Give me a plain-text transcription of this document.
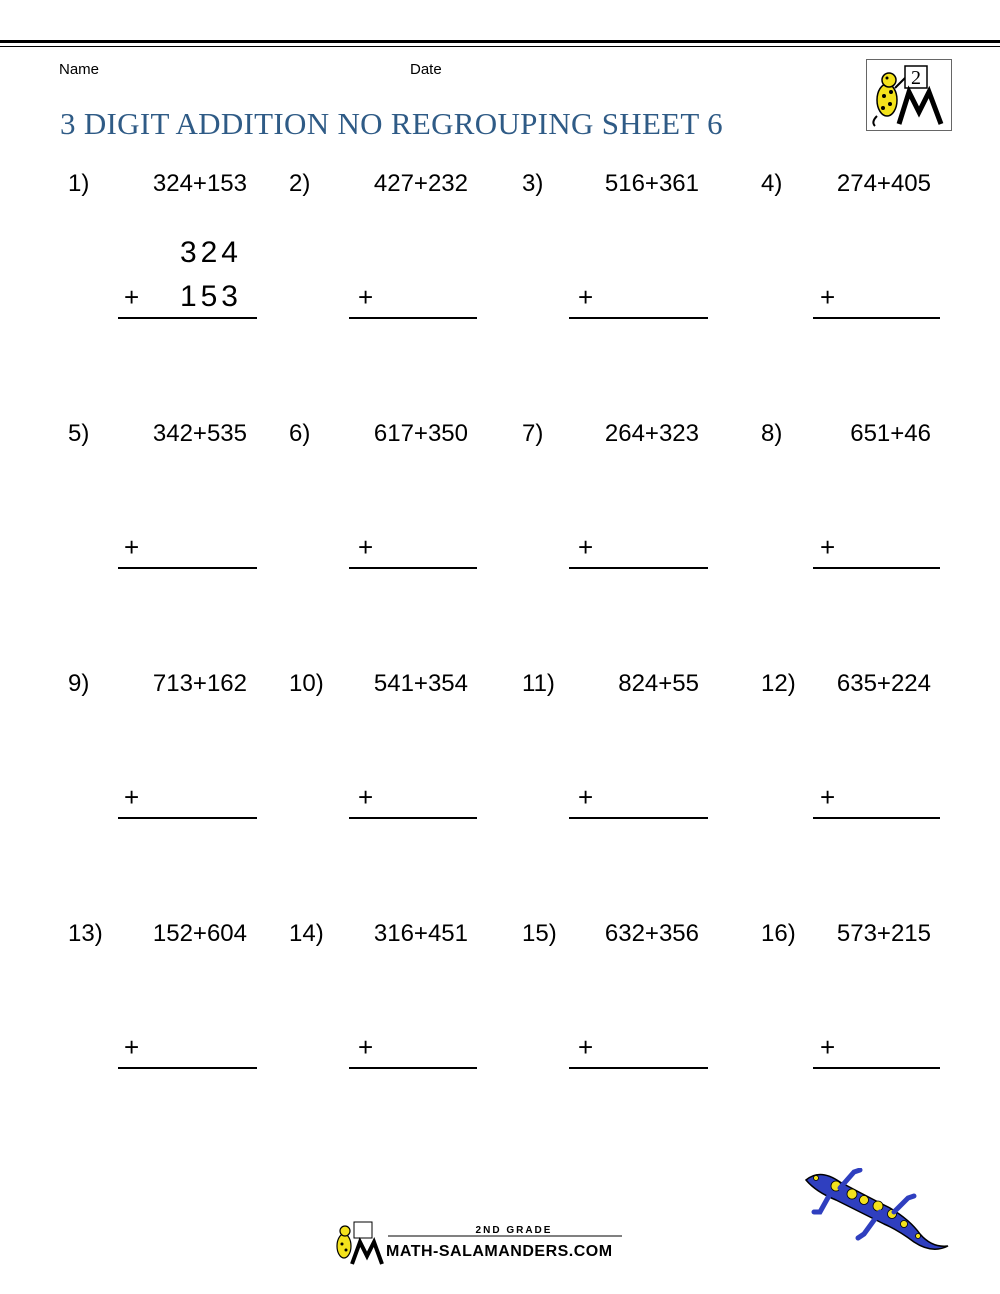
Name	Date
3 DIGIT ADDITION NO REGROUPING SHEET 6
2
1)	324+153
324
+ 153
2)	427+232
+
3)	516+361
+
4) 274+405
+
5)	342+535
+
6)	617+350
+
7)	264+323
+
8)	651+46
+
9)	713+162
+
10) 541+354
+
11)	824+55
+
12) 635+224
+
13) 152+604
+
14) 316+451
+
15) 632+356
+
16) 573+215
+
2ND GRADE
MATH-SALAMANDERS.COM
